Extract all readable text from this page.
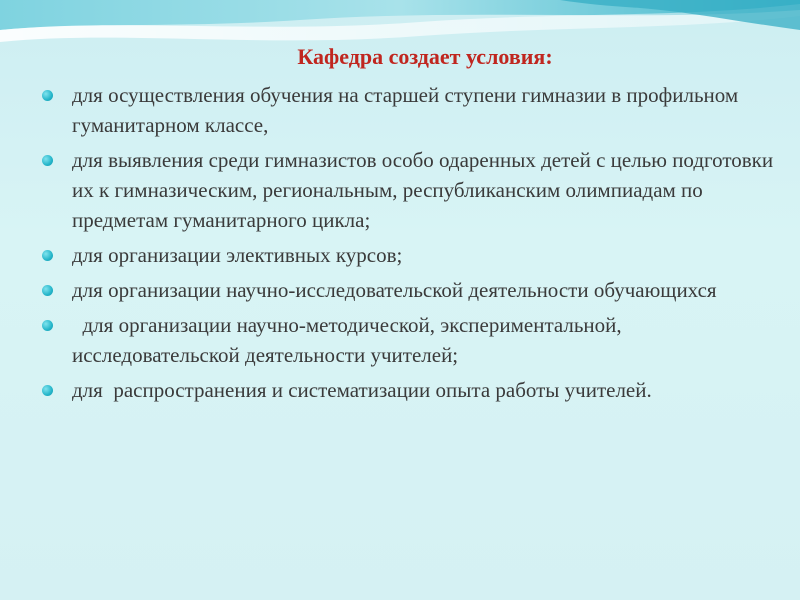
Кафедра создает условия:
для осуществления обучения на старшей ступени гимназии в профильном гуманитарном классе,
для выявления среди гимназистов особо одаренных детей с целью подготовки их к гимназическим, региональным, республиканским олимпиадам по предметам гуманитарного цикла;
для организации элективных курсов;
для организации научно-исследовательской деятельности обучающихся
для организации научно-методической, экспериментальной, исследовательской деятельности учителей;
для  распространения и систематизации опыта работы учителей.
